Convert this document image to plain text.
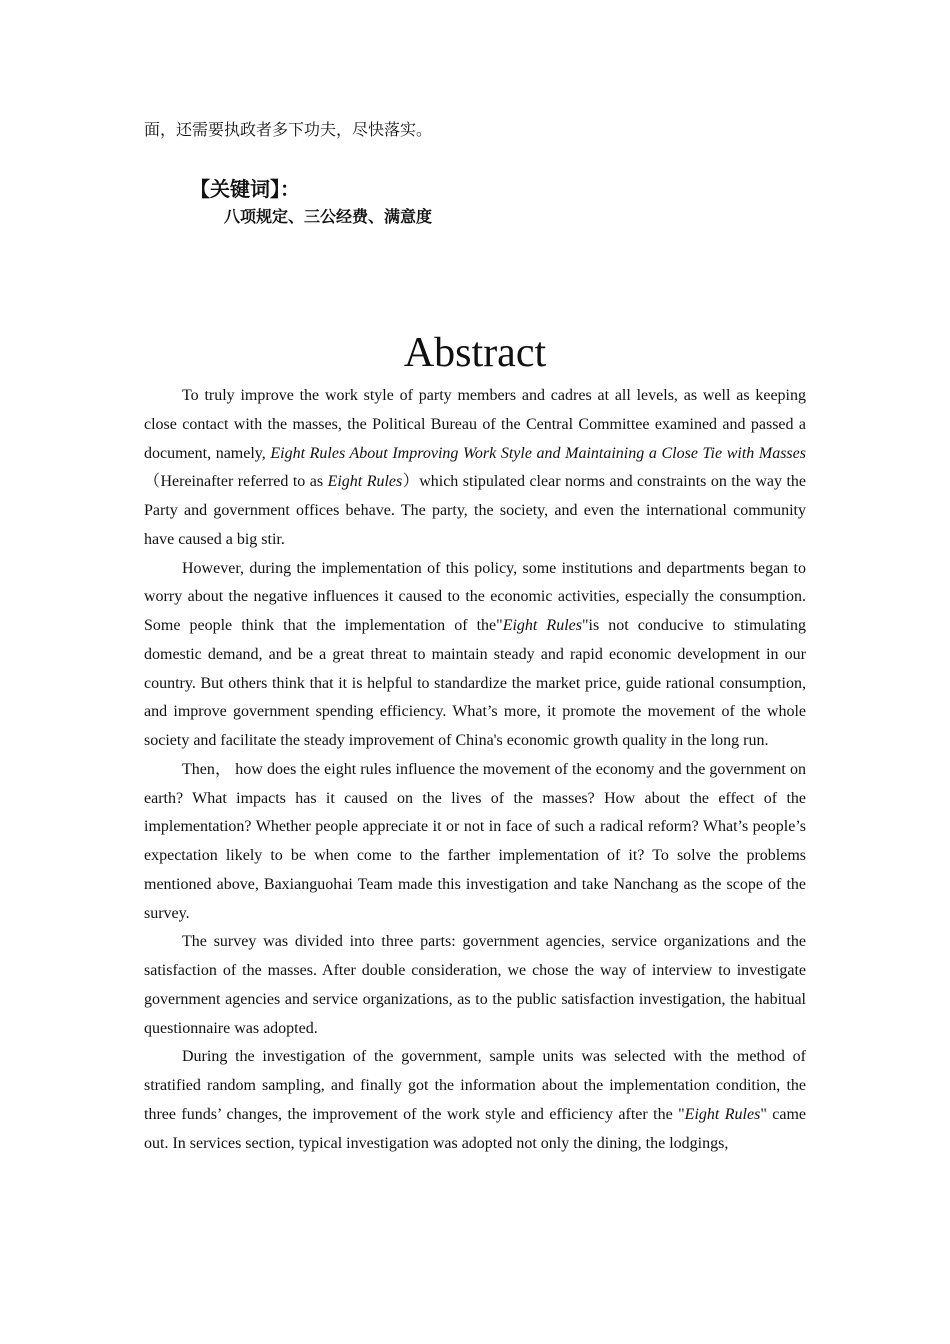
面，还需要执政者多下功夫，尽快落实。
【关键词】：
八项规定、三公经费、满意度
Abstract

To truly improve the work style of party members and cadres at all levels, as well as keeping close contact with the masses, the Political Bureau of the Central Committee examined and passed a document, namely, Eight Rules About Improving Work Style and Maintaining a Close Tie with Masses（Hereinafter referred to as Eight Rules）which stipulated clear norms and constraints on the way the Party and government offices behave. The party, the society, and even the international community have caused a big stir.

However, during the implementation of this policy, some institutions and departments began to worry about the negative influences it caused to the economic activities, especially the consumption. Some people think that the implementation of the"Eight Rules"is not conducive to stimulating domestic demand, and be a great threat to maintain steady and rapid economic development in our country. But others think that it is helpful to standardize the market price, guide rational consumption, and improve government spending efficiency. What’s more, it promote the movement of the whole society and facilitate the steady improvement of China's economic growth quality in the long run.

Then， how does the eight rules influence the movement of the economy and the government on earth? What impacts has it caused on the lives of the masses? How about the effect of the implementation? Whether people appreciate it or not in face of such a radical reform? What’s people’s expectation likely to be when come to the farther implementation of it? To solve the problems mentioned above, Baxianguohai Team made this investigation and take Nanchang as the scope of the survey.

The survey was divided into three parts: government agencies, service organizations and the satisfaction of the masses. After double consideration, we chose the way of interview to investigate government agencies and service organizations, as to the public satisfaction investigation, the habitual questionnaire was adopted.

During the investigation of the government, sample units was selected with the method of stratified random sampling, and finally got the information about the implementation condition, the three funds’ changes, the improvement of the work style and efficiency after the "Eight Rules" came out. In services section, typical investigation was adopted not only the dining, the lodgings,
